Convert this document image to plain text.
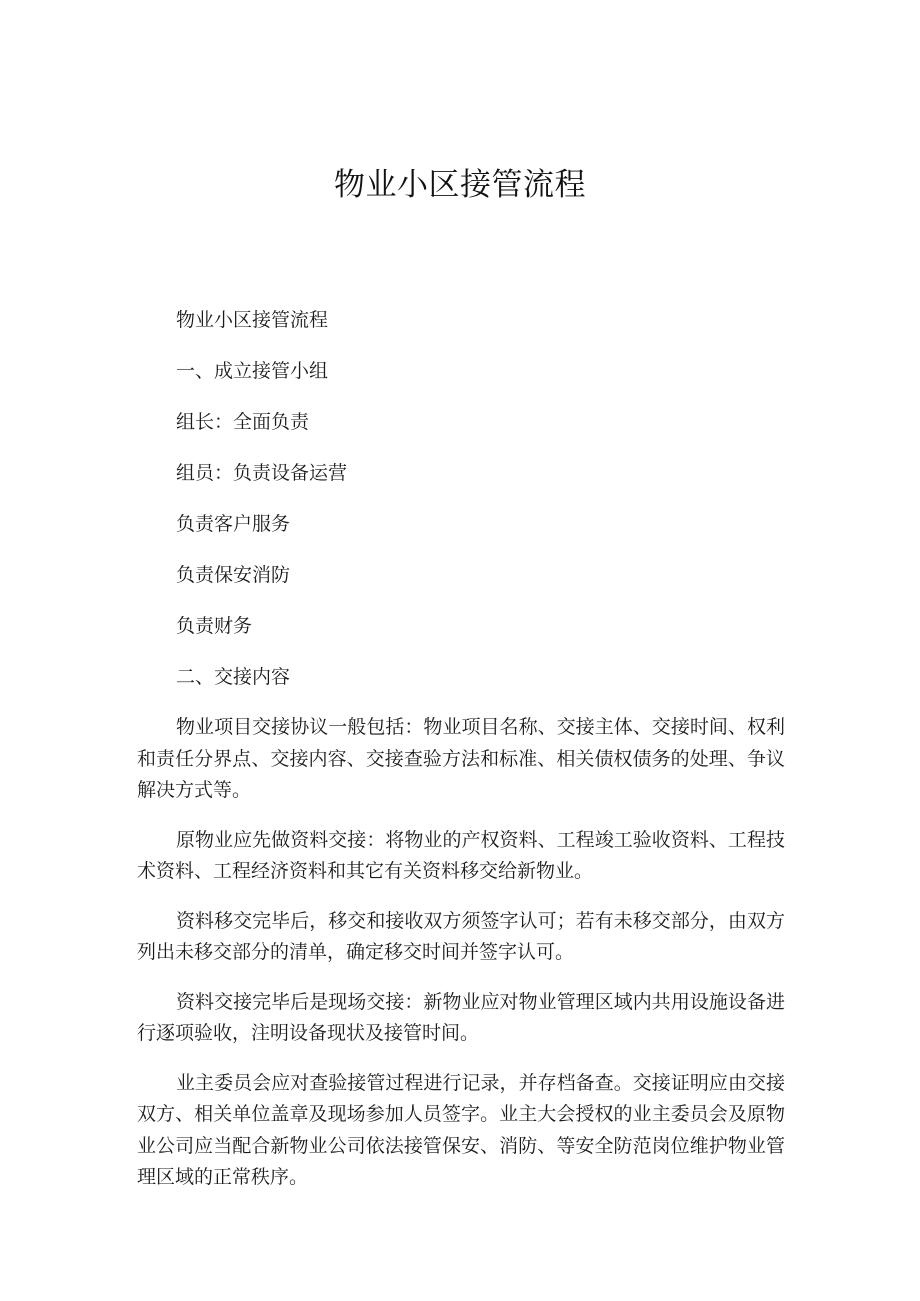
物业小区接管流程

物业小区接管流程

一、成立接管小组

组长：全面负责

组员：负责设备运营

负责客户服务

负责保安消防

负责财务

二、交接内容

物业项目交接协议一般包括：物业项目名称、交接主体、交接时间、权利和责任分界点、交接内容、交接查验方法和标准、相关债权债务的处理、争议解决方式等。

原物业应先做资料交接：将物业的产权资料、工程竣工验收资料、工程技术资料、工程经济资料和其它有关资料移交给新物业。

资料移交完毕后，移交和接收双方须签字认可；若有未移交部分，由双方列出未移交部分的清单，确定移交时间并签字认可。

资料交接完毕后是现场交接：新物业应对物业管理区域内共用设施设备进行逐项验收，注明设备现状及接管时间。

业主委员会应对查验接管过程进行记录，并存档备查。交接证明应由交接双方、相关单位盖章及现场参加人员签字。业主大会授权的业主委员会及原物业公司应当配合新物业公司依法接管保安、消防、等安全防范岗位维护物业管理区域的正常秩序。
